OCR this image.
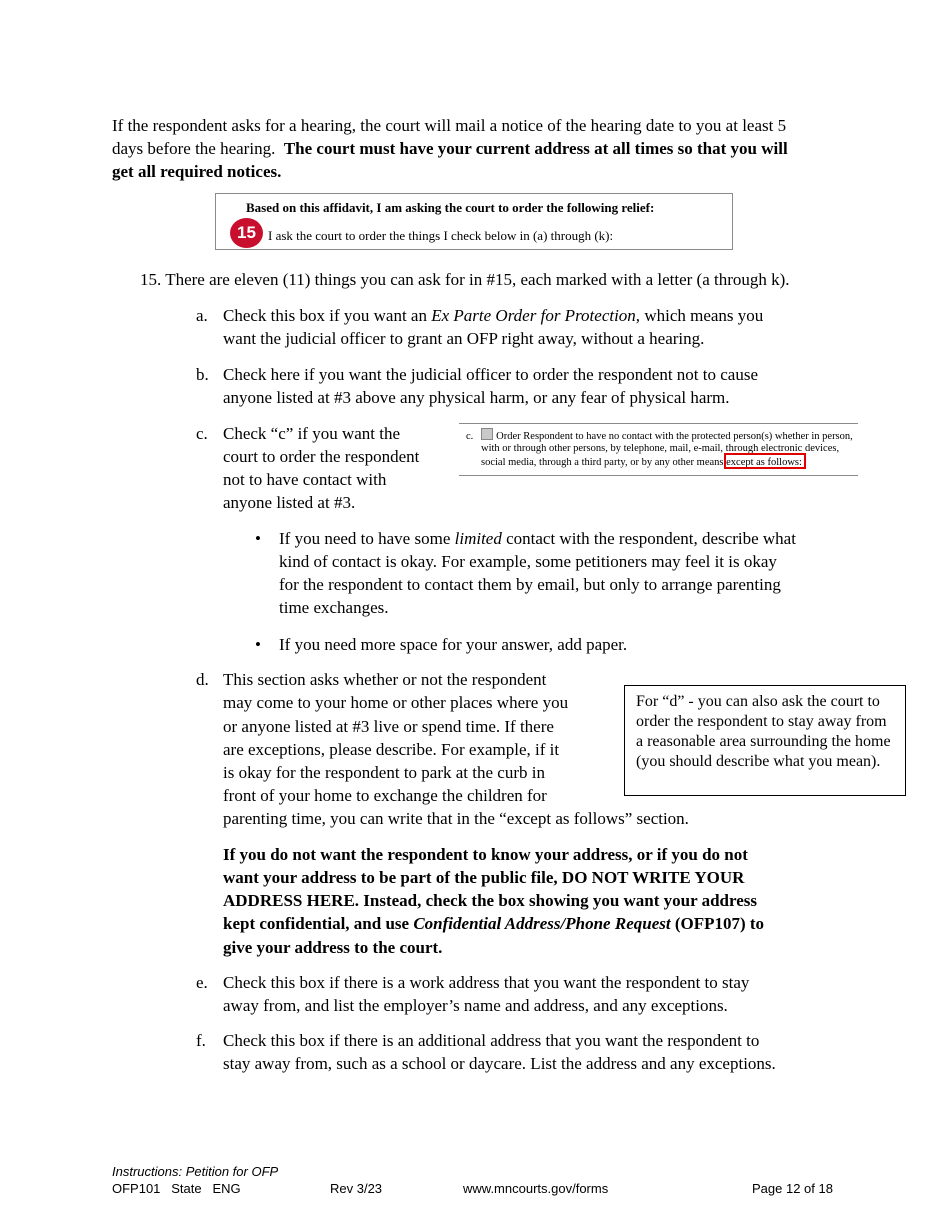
If the respondent asks for a hearing, the court will mail a notice of the hearing date to you at least 5
days before the hearing.  The court must have your current address at all times so that you will
get all required notices.
Based on this affidavit, I am asking the court to order the following relief:
15 I ask the court to order the things I check below in (a) through (k):
15. There are eleven (11) things you can ask for in #15, each marked with a letter (a through k).
a. Check this box if you want an Ex Parte Order for Protection, which means you
want the judicial officer to grant an OFP right away, without a hearing.
b. Check here if you want the judicial officer to order the respondent not to cause
anyone listed at #3 above any physical harm, or any fear of physical harm.
c. Check “c” if you want the
court to order the respondent
not to have contact with
anyone listed at #3.
c. Order Respondent to have no contact with the protected person(s) whether in person,
with or through other persons, by telephone, mail, e-mail, through electronic devices,
social media, through a third party, or by any other means except as follows:
• If you need to have some limited contact with the respondent, describe what
kind of contact is okay. For example, some petitioners may feel it is okay
for the respondent to contact them by email, but only to arrange parenting
time exchanges.
• If you need more space for your answer, add paper.
d. This section asks whether or not the respondent
may come to your home or other places where you
or anyone listed at #3 live or spend time. If there
are exceptions, please describe. For example, if it
is okay for the respondent to park at the curb in
front of your home to exchange the children for
parenting time, you can write that in the “except as follows” section.
For “d” - you can also ask the court to order the respondent to stay away from a reasonable area surrounding the home (you should describe what you mean).
If you do not want the respondent to know your address, or if you do not
want your address to be part of the public file, DO NOT WRITE YOUR
ADDRESS HERE. Instead, check the box showing you want your address
kept confidential, and use Confidential Address/Phone Request (OFP107) to
give your address to the court.
e. Check this box if there is a work address that you want the respondent to stay
away from, and list the employer’s name and address, and any exceptions.
f. Check this box if there is an additional address that you want the respondent to
stay away from, such as a school or daycare. List the address and any exceptions.
Instructions: Petition for OFP
OFP101   State   ENG	Rev 3/23	www.mncourts.gov/forms	Page 12 of 18
